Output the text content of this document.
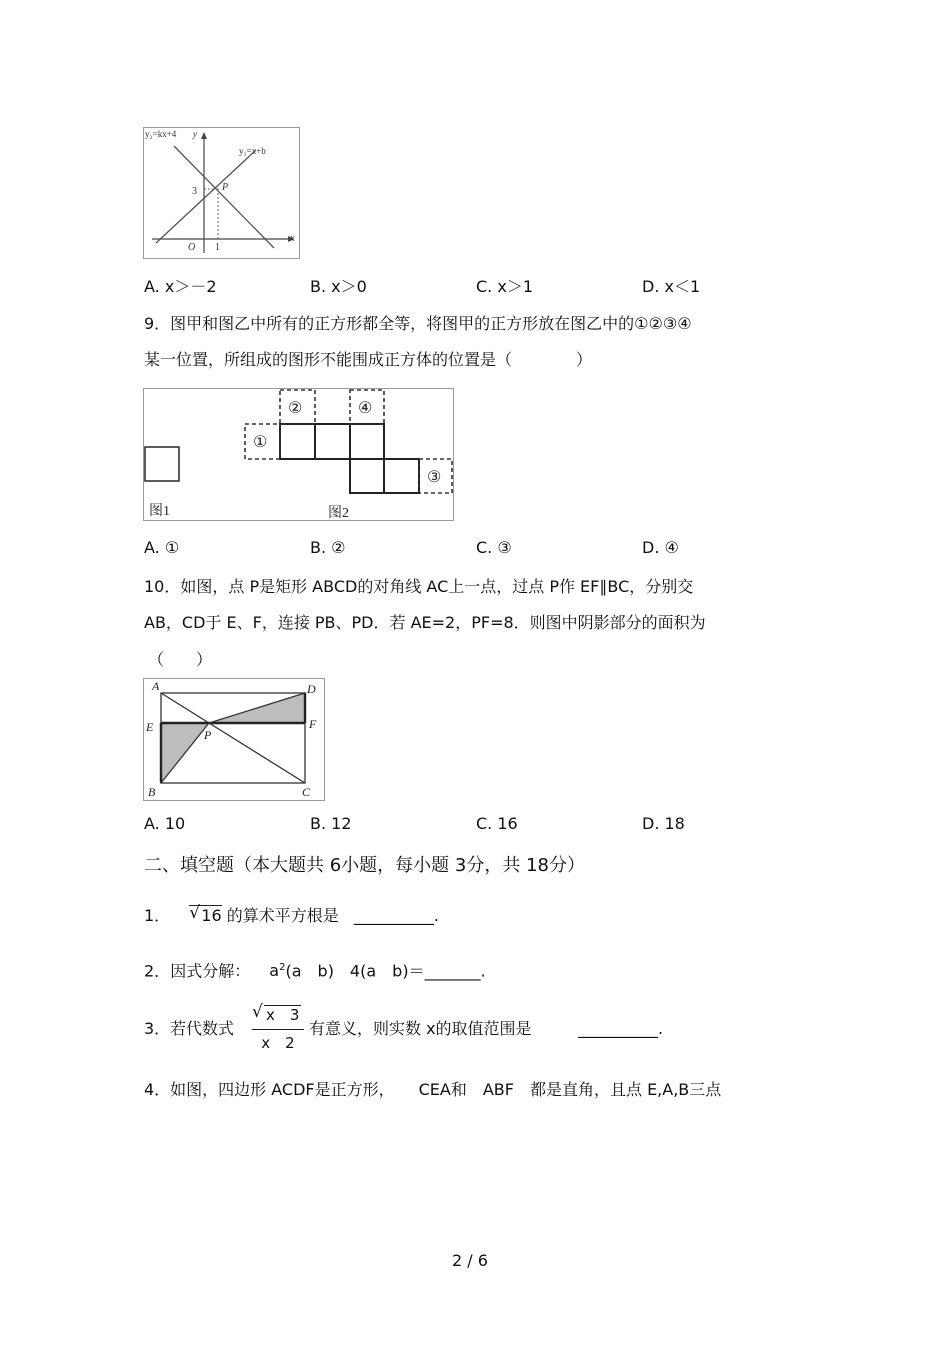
y₂=kx+4 y
y₁=x+b
P
3
O 1
x
A. x＞－2	B. x＞0	C. x＞1	D. x＜1
9．图甲和图乙中所有的正方形都全等，将图甲的正方形放在图乙中的①②③④
某一位置，所组成的图形不能围成正方体的位置是（　　　　）
①
②	④
③
图1	图2
A. ①	B. ②	C. ③	D. ④
10．如图，点 P是矩形 ABCD的对角线 AC上一点，过点 P作 EF∥BC，分别交
AB，CD于 E、F，连接 PB、PD．若 AE=2，PF=8．则图中阴影部分的面积为
（　　）
A	D
E	F
P
B	C
A. 10	B. 12	C. 16	D. 18
二、填空题（本大题共 6小题，每小题 3分，共 18分）
1． √ 16 的算术平方根是 __________.
2．因式分解： $a^2(a$　b)　4(a　b)＝_______.
3． 若代数式
√ x　3
x　2
有意义，则实数 x的取值范围是	__________.
4．如图，四边形 ACDF是正方形，　　CEA和　ABF　都是直角，且点 E,A,B三点
2 / 6
